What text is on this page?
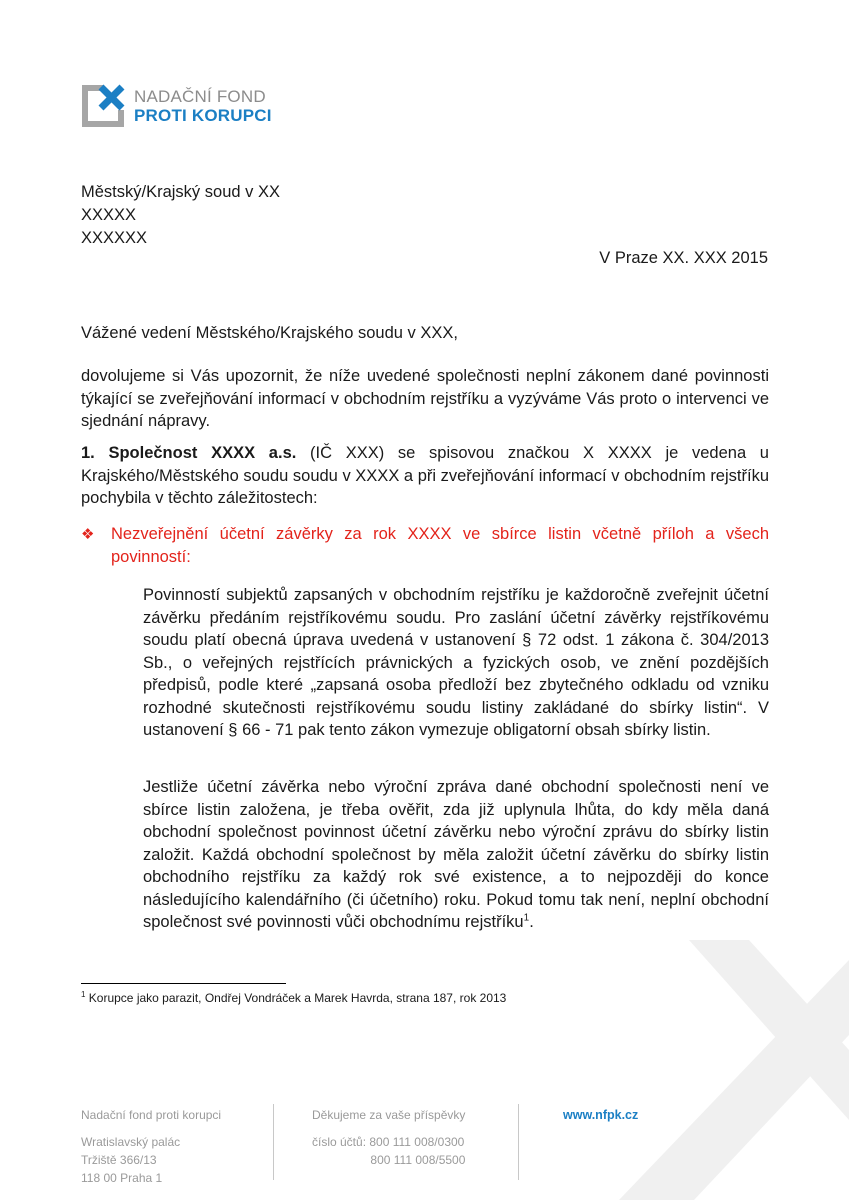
NADAČNÍ FOND
PROTI KORUPCI
Městský/Krajský soud v XX
XXXXX
XXXXXX
V Praze XX. XXX 2015
Vážené vedení Městského/Krajského soudu v XXX,
dovolujeme si Vás upozornit, že níže uvedené společnosti neplní zákonem dané povinnosti týkající se zveřejňování informací v obchodním rejstříku a vyzýváme Vás proto o intervenci ve sjednání nápravy.
1. Společnost XXXX a.s. (IČ XXX) se spisovou značkou X XXXX je vedena u Krajského/Městského soudu soudu v XXXX a při zveřejňování informací v obchodním rejstříku pochybila v těchto záležitostech:
❖	Nezveřejnění účetní závěrky za rok XXXX ve sbírce listin včetně příloh a všech povinností:
Povinností subjektů zapsaných v obchodním rejstříku je každoročně zveřejnit účetní závěrku předáním rejstříkovému soudu. Pro zaslání účetní závěrky rejstříkovému soudu platí obecná úprava uvedená v ustanovení § 72 odst. 1 zákona č. 304/2013 Sb., o veřejných rejstřících právnických a fyzických osob, ve znění pozdějších předpisů, podle které „zapsaná osoba předloží bez zbytečného odkladu od vzniku rozhodné skutečnosti rejstříkovému soudu listiny zakládané do sbírky listin“. V ustanovení § 66 - 71 pak tento zákon vymezuje obligatorní obsah sbírky listin.
Jestliže účetní závěrka nebo výroční zpráva dané obchodní společnosti není ve sbírce listin založena, je třeba ověřit, zda již uplynula lhůta, do kdy měla daná obchodní společnost povinnost účetní závěrku nebo výroční zprávu do sbírky listin založit. Každá obchodní společnost by měla založit účetní závěrku do sbírky listin obchodního rejstříku za každý rok své existence, a to nejpozději do konce následujícího kalendářního (či účetního) roku. Pokud tomu tak není, neplní obchodní společnost své povinnosti vůči obchodnímu rejstříku$^1$.
$^1$ Korupce jako parazit, Ondřej Vondráček a Marek Havrda, strana 187, rok 2013
Nadační fond proti korupci
Wratislavský palác
Tržiště 366/13
118 00 Praha 1
Děkujeme za vaše příspěvky
číslo účtů: 800 111 008/0300
800 111 008/5500
www.nfpk.cz
